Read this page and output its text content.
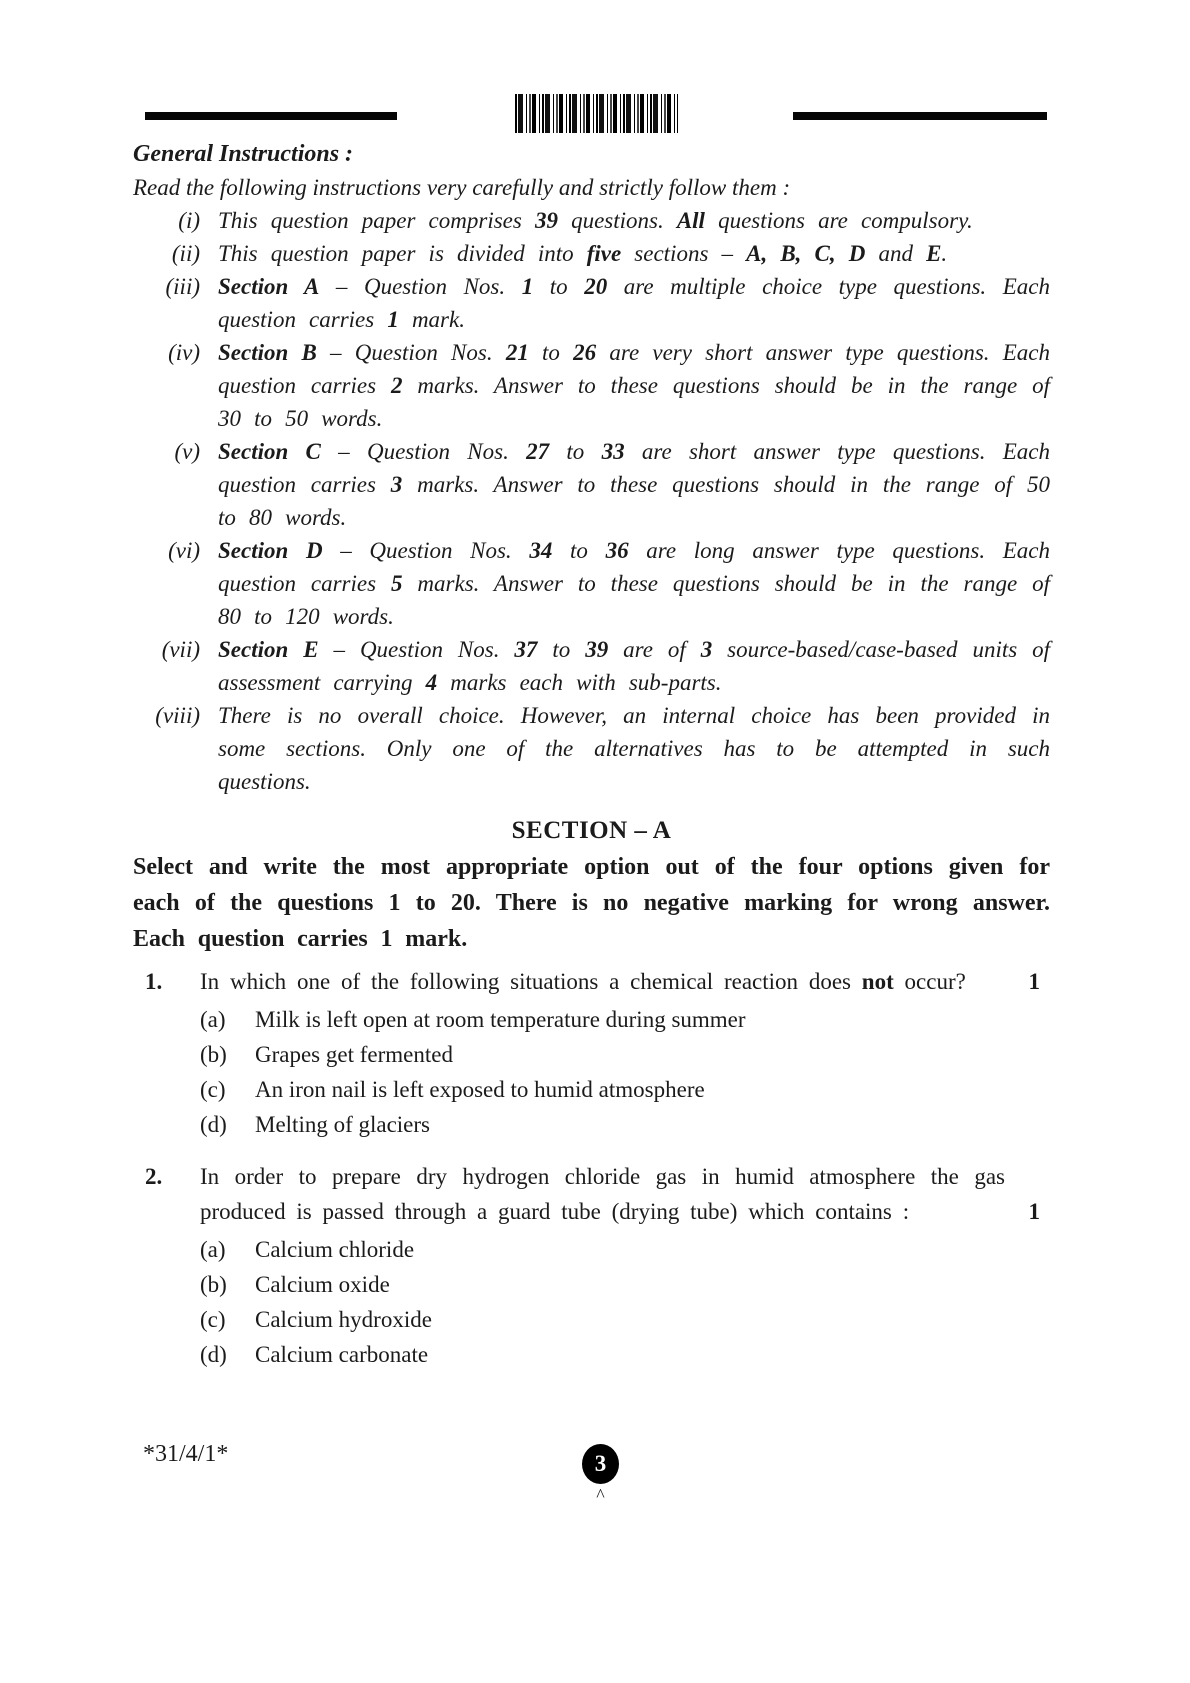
General Instructions :

Read the following instructions very carefully and strictly follow them :

(i) This question paper comprises 39 questions. All questions are compulsory.
(ii) This question paper is divided into five sections – A, B, C, D and E.
(iii) Section A – Question Nos. 1 to 20 are multiple choice type questions. Each question carries 1 mark.
(iv) Section B – Question Nos. 21 to 26 are very short answer type questions. Each question carries 2 marks. Answer to these questions should be in the range of 30 to 50 words.
(v) Section C – Question Nos. 27 to 33 are short answer type questions. Each question carries 3 marks. Answer to these questions should in the range of 50 to 80 words.
(vi) Section D – Question Nos. 34 to 36 are long answer type questions. Each question carries 5 marks. Answer to these questions should be in the range of 80 to 120 words.
(vii) Section E – Question Nos. 37 to 39 are of 3 source-based/case-based units of assessment carrying 4 marks each with sub-parts.
(viii) There is no overall choice. However, an internal choice has been provided in some sections. Only one of the alternatives has to be attempted in such questions.

SECTION – A

Select and write the most appropriate option out of the four options given for each of the questions 1 to 20. There is no negative marking for wrong answer. Each question carries 1 mark.

1.	In which one of the following situations a chemical reaction does not occur?	1
(a)	Milk is left open at room temperature during summer
(b)	Grapes get fermented
(c)	An iron nail is left exposed to humid atmosphere
(d)	Melting of glaciers
2.	In order to prepare dry hydrogen chloride gas in humid atmosphere the gas produced is passed through a guard tube (drying tube) which contains :	1
(a)	Calcium chloride
(b)	Calcium oxide
(c)	Calcium hydroxide
(d)	Calcium carbonate
*31/4/1*	3
^
